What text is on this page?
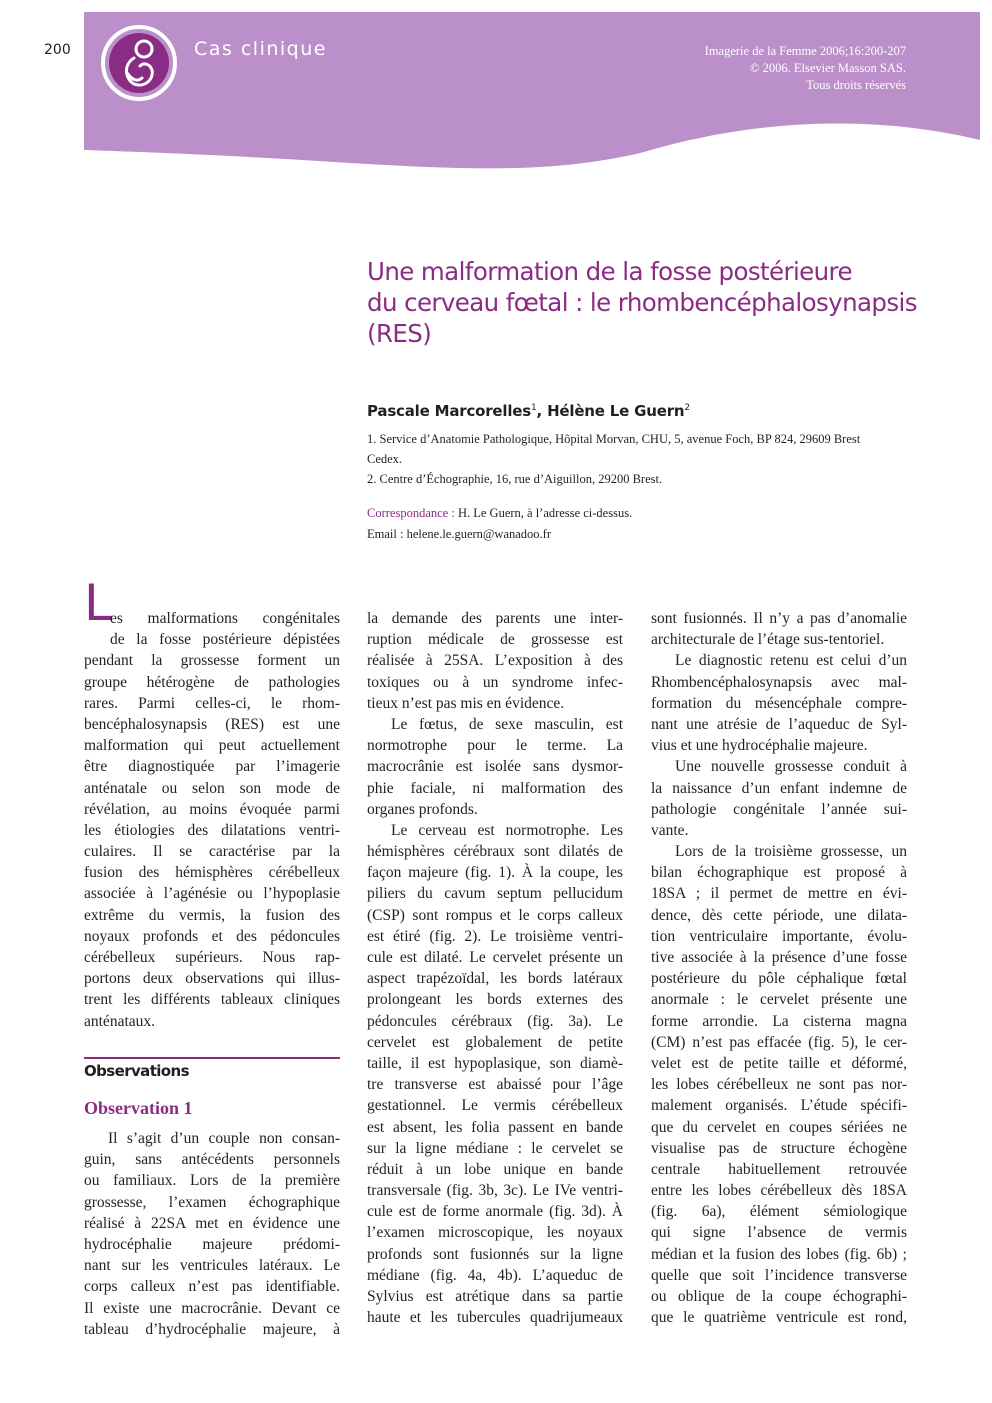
200	Cas clinique	Imagerie de la Femme 2006;16:200-207
© 2006. Elsevier Masson SAS.
Tous droits réservés
Une malformation de la fosse postérieure
du cerveau fœtal : le rhombencéphalosynapsis
(RES)
Pascale Marcorelles$^1$, Hélène Le Guern$^2$
1. Service d’Anatomie Pathologique, Hôpital Morvan, CHU, 5, avenue Foch, BP 824, 29609 Brest
Cedex.
2. Centre d’Échographie, 16, rue d’Aiguillon, 29200 Brest.
Correspondance : H. Le Guern, à l’adresse ci-dessus.
Email : helene.le.guern@wanadoo.fr
L
es malformations congénitales
de la fosse postérieure dépistées
pendant la grossesse forment un
groupe hétérogène de pathologies
rares. Parmi celles-ci, le rhom-
bencéphalosynapsis (RES) est une
malformation qui peut actuellement
être diagnostiquée par l’imagerie
anténatale ou selon son mode de
révélation, au moins évoquée parmi
les étiologies des dilatations ventri-
culaires. Il se caractérise par la
fusion des hémisphères cérébelleux
associée à l’agénésie ou l’hypoplasie
extrême du vermis, la fusion des
noyaux profonds et des pédoncules
cérébelleux supérieurs. Nous rap-
portons deux observations qui illus-
trent les différents tableaux cliniques
anténataux.
Observations
Observation 1
Il s’agit d’un couple non consan-
guin, sans antécédents personnels
ou familiaux. Lors de la première
grossesse, l’examen échographique
réalisé à 22SA met en évidence une
hydrocéphalie majeure prédomi-
nant sur les ventricules latéraux. Le
corps calleux n’est pas identifiable.
Il existe une macrocrânie. Devant ce
tableau d’hydrocéphalie majeure, à
la demande des parents une inter-
ruption médicale de grossesse est
réalisée à 25SA. L’exposition à des
toxiques ou à un syndrome infec-
tieux n’est pas mis en évidence.
Le fœtus, de sexe masculin, est
normotrophe pour le terme. La
macrocrânie est isolée sans dysmor-
phie faciale, ni malformation des
organes profonds.
Le cerveau est normotrophe. Les
hémisphères cérébraux sont dilatés de
façon majeure (fig. 1). À la coupe, les
piliers du cavum septum pellucidum
(CSP) sont rompus et le corps calleux
est étiré (fig. 2). Le troisième ventri-
cule est dilaté. Le cervelet présente un
aspect trapézoïdal, les bords latéraux
prolongeant les bords externes des
pédoncules cérébraux (fig. 3a). Le
cervelet est globalement de petite
taille, il est hypoplasique, son diamè-
tre transverse est abaissé pour l’âge
gestationnel. Le vermis cérébelleux
est absent, les folia passent en bande
sur la ligne médiane : le cervelet se
réduit à un lobe unique en bande
transversale (fig. 3b, 3c). Le IVe ventri-
cule est de forme anormale (fig. 3d). À
l’examen microscopique, les noyaux
profonds sont fusionnés sur la ligne
médiane (fig. 4a, 4b). L’aqueduc de
Sylvius est atrétique dans sa partie
haute et les tubercules quadrijumeaux
sont fusionnés. Il n’y a pas d’anomalie
architecturale de l’étage sus-tentoriel.
Le diagnostic retenu est celui d’un
Rhombencéphalosynapsis avec mal-
formation du mésencéphale compre-
nant une atrésie de l’aqueduc de Syl-
vius et une hydrocéphalie majeure.
Une nouvelle grossesse conduit à
la naissance d’un enfant indemne de
pathologie congénitale l’année sui-
vante.
Lors de la troisième grossesse, un
bilan échographique est proposé à
18SA ; il permet de mettre en évi-
dence, dès cette période, une dilata-
tion ventriculaire importante, évolu-
tive associée à la présence d’une fosse
postérieure du pôle céphalique fœtal
anormale : le cervelet présente une
forme arrondie. La cisterna magna
(CM) n’est pas effacée (fig. 5), le cer-
velet est de petite taille et déformé,
les lobes cérébelleux ne sont pas nor-
malement organisés. L’étude spécifi-
que du cervelet en coupes sériées ne
visualise pas de structure échogène
centrale habituellement retrouvée
entre les lobes cérébelleux dès 18SA
(fig. 6a), élément sémiologique
qui signe l’absence de vermis
médian et la fusion des lobes (fig. 6b) ;
quelle que soit l’incidence transverse
ou oblique de la coupe échographi-
que le quatrième ventricule est rond,
